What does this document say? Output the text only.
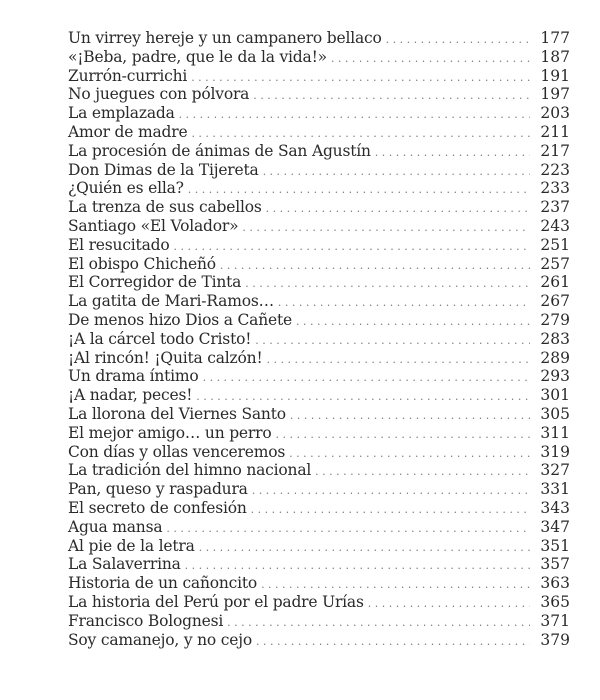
Un virrey hereje y un campanero bellaco . . .	177
«¡Beba, padre, que le da la vida!» . . .	187
Zurrón-currichi . . .	191
No juegues con pólvora . . .	197
La emplazada . . .	203
Amor de madre . . .	211
La procesión de ánimas de San Agustín . . .	217
Don Dimas de la Tijereta . . .	223
¿Quién es ella? . . .	233
La trenza de sus cabellos . . .	237
Santiago «El Volador» . . .	243
El resucitado . . .	251
El obispo Chicheñó . . .	257
El Corregidor de Tinta . . .	261
La gatita de Mari-Ramos… . . .	267
De menos hizo Dios a Cañete . . .	279
¡A la cárcel todo Cristo! . . .	283
¡Al rincón! ¡Quita calzón! . . .	289
Un drama íntimo . . .	293
¡A nadar, peces! . . .	301
La llorona del Viernes Santo . . .	305
El mejor amigo… un perro . . .	311
Con días y ollas venceremos . . .	319
La tradición del himno nacional . . .	327
Pan, queso y raspadura . . .	331
El secreto de confesión . . .	343
Agua mansa . . .	347
Al pie de la letra . . .	351
La Salaverrina . . .	357
Historia de un cañoncito . . .	363
La historia del Perú por el padre Urías . . .	365
Francisco Bolognesi . . .	371
Soy camanejo, y no cejo . . .	379
